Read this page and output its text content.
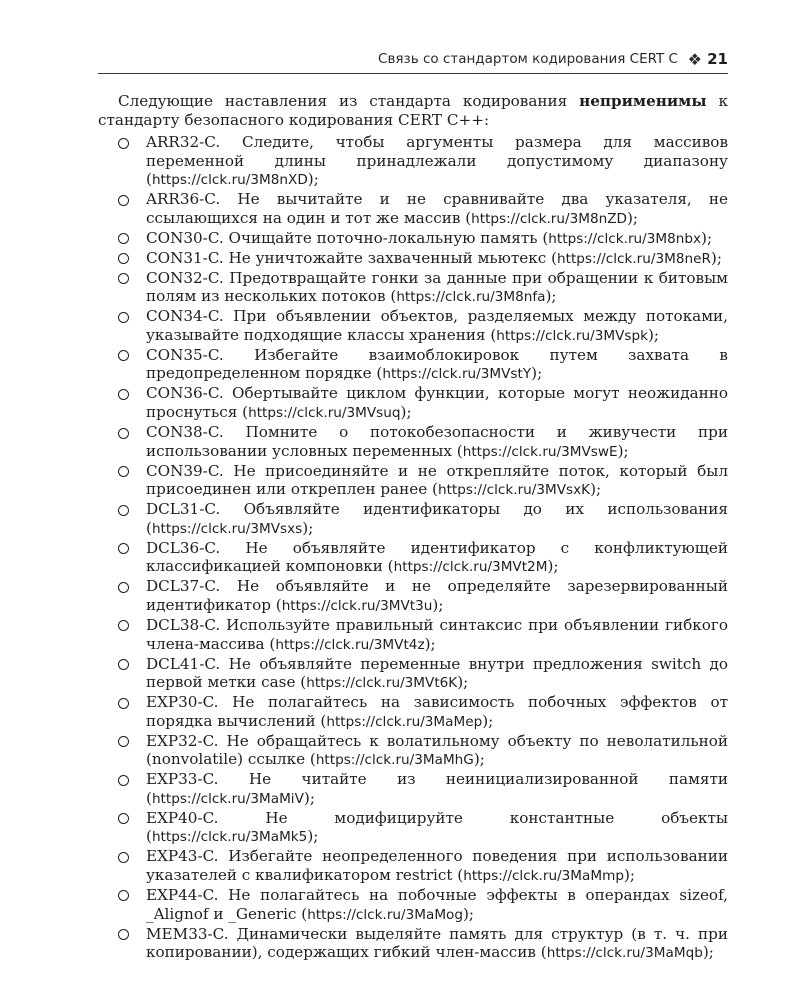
Связь со стандартом кодирования CERT C ❖ 21

Следующие наставления из стандарта кодирования неприменимы к стандарту безопасного кодирования CERT C++:

ARR32-C. Следите, чтобы аргументы размера для массивов переменной длины принадлежали допустимому диапазону (https://clck.ru/3M8nXD);
ARR36-C. Не вычитайте и не сравнивайте два указателя, не ссылающихся на один и тот же массив (https://clck.ru/3M8nZD);
CON30-C. Очищайте поточно-локальную память (https://clck.ru/3M8nbx);
CON31-C. Не уничтожайте захваченный мьютекс (https://clck.ru/3M8neR);
CON32-C. Предотвращайте гонки за данные при обращении к битовым полям из нескольких потоков (https://clck.ru/3M8nfa);
CON34-C. При объявлении объектов, разделяемых между потоками, указывайте подходящие классы хранения (https://clck.ru/3MVspk);
CON35-C. Избегайте взаимоблокировок путем захвата в предопределенном порядке (https://clck.ru/3MVstY);
CON36-C. Обертывайте циклом функции, которые могут неожиданно проснуться (https://clck.ru/3MVsuq);
CON38-C. Помните о потокобезопасности и живучести при использовании условных переменных (https://clck.ru/3MVswE);
CON39-C. Не присоединяйте и не открепляйте поток, который был присоединен или откреплен ранее (https://clck.ru/3MVsxK);
DCL31-C. Объявляйте идентификаторы до их использования (https://clck.ru/3MVsxs);
DCL36-C. Не объявляйте идентификатор с конфликтующей классификацией компоновки (https://clck.ru/3MVt2M);
DCL37-C. Не объявляйте и не определяйте зарезервированный идентификатор (https://clck.ru/3MVt3u);
DCL38-C. Используйте правильный синтаксис при объявлении гибкого члена-массива (https://clck.ru/3MVt4z);
DCL41-C. Не объявляйте переменные внутри предложения switch до первой метки case (https://clck.ru/3MVt6K);
EXP30-C. Не полагайтесь на зависимость побочных эффектов от порядка вычислений (https://clck.ru/3MaMep);
EXP32-C. Не обращайтесь к волатильному объекту по неволатильной (nonvolatile) ссылке (https://clck.ru/3MaMhG);
EXP33-C. Не читайте из неинициализированной памяти (https://clck.ru/3MaMiV);
EXP40-C. Не модифицируйте константные объекты (https://clck.ru/3MaMk5);
EXP43-C. Избегайте неопределенного поведения при использовании указателей с квалификатором restrict (https://clck.ru/3MaMmp);
EXP44-C. Не полагайтесь на побочные эффекты в операндах sizeof, _Alignof и _Generic (https://clck.ru/3MaMog);
MEM33-C. Динамически выделяйте память для структур (в т. ч. при копировании), содержащих гибкий член-массив (https://clck.ru/3MaMqb);
